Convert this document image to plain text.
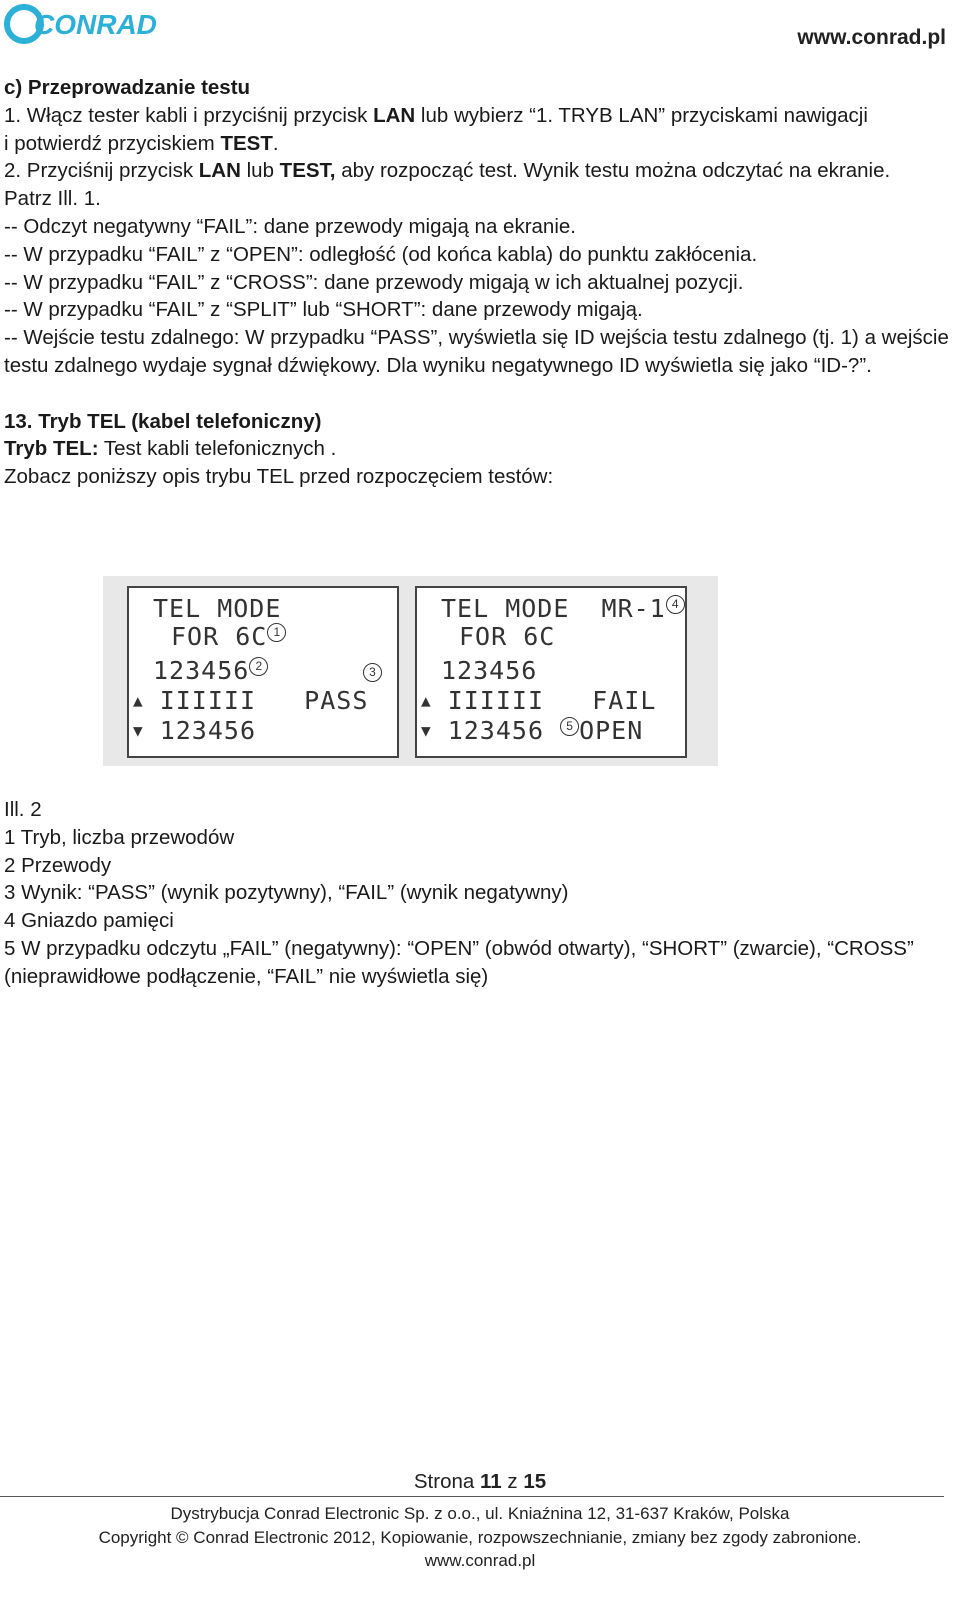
CONRAD	www.conrad.pl

c) Przeprowadzanie testu

1. Włącz tester kabli i przyciśnij przycisk LAN lub wybierz “1. TRYB LAN” przyciskami nawigacji

i potwierdź przyciskiem TEST.

2. Przyciśnij przycisk LAN lub TEST, aby rozpocząć test. Wynik testu można odczytać na ekranie.

Patrz Ill. 1.

-- Odczyt negatywny “FAIL”: dane przewody migają na ekranie.

-- W przypadku “FAIL” z “OPEN”: odległość (od końca kabla) do punktu zakłócenia.

-- W przypadku “FAIL” z “CROSS”: dane przewody migają w ich aktualnej pozycji.

-- W przypadku “FAIL” z “SPLIT” lub “SHORT”: dane przewody migają.

-- Wejście testu zdalnego: W przypadku “PASS”, wyświetla się ID wejścia testu zdalnego (tj. 1) a wejście testu zdalnego wydaje sygnał dźwiękowy. Dla wyniku negatywnego ID wyświetla się jako “ID-?”.

13. Tryb TEL (kabel telefoniczny)

Tryb TEL: Test kabli telefonicznych .

Zobacz poniższy opis trybu TEL przed rozpoczęciem testów:

TEL MODE
FOR 6C 1
123456 2	3
▲ IIIIII PASS
▼ 123456
TEL MODE  MR-1 4
FOR 6C
123456
▲ IIIIII FAIL
▼ 123456 5 OPEN

Ill. 2

1 Tryb, liczba przewodów

2 Przewody

3 Wynik: “PASS” (wynik pozytywny), “FAIL” (wynik negatywny)

4 Gniazdo pamięci

5 W przypadku odczytu „FAIL” (negatywny): “OPEN” (obwód otwarty), “SHORT” (zwarcie), “CROSS” (nieprawidłowe podłączenie, “FAIL” nie wyświetla się)

Strona 11 z 15
Dystrybucja Conrad Electronic Sp. z o.o., ul. Kniaźnina 12, 31-637 Kraków, Polska
Copyright © Conrad Electronic 2012, Kopiowanie, rozpowszechnianie, zmiany bez zgody zabronione.
www.conrad.pl
